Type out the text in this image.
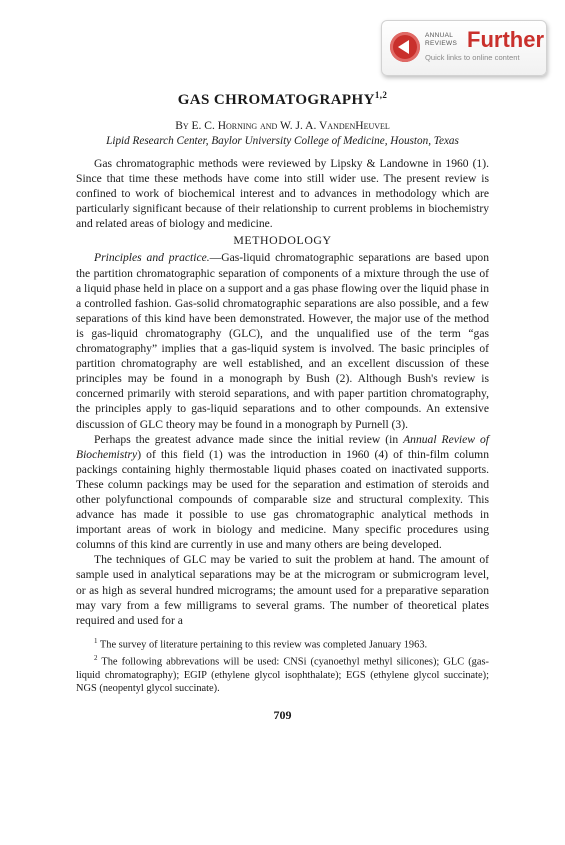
ANNUAL
REVIEWS Further
Quick links to online content
GAS CHROMATOGRAPHY$^{1,2}$

By E. C. Horning and W. J. A. VandenHeuvel

Lipid Research Center, Baylor University College of Medicine, Houston, Texas

Gas chromatographic methods were reviewed by Lipsky & Landowne in 1960 (1). Since that time these methods have come into still wider use. The present review is confined to work of biochemical interest and to advances in methodology which are particularly significant because of their relationship to current problems in biochemistry and related areas of biology and medicine.

METHODOLOGY

Principles and practice.—Gas-liquid chromatographic separations are based upon the partition chromatographic separation of components of a mixture through the use of a liquid phase held in place on a support and a gas phase flowing over the liquid phase in a controlled fashion. Gas-solid chromatographic separations are also possible, and a few separations of this kind have been demonstrated. However, the major use of the method is gas-liquid chromatography (GLC), and the unqualified use of the term “gas chromatography” implies that a gas-liquid system is involved. The basic principles of partition chromatography are well established, and an excellent discussion of these principles may be found in a monograph by Bush (2). Although Bush's review is concerned primarily with steroid separations, and with paper partition chromatography, the principles apply to gas-liquid separations and to other compounds. An extensive discussion of GLC theory may be found in a monograph by Purnell (3).

Perhaps the greatest advance made since the initial review (in Annual Review of Biochemistry) of this field (1) was the introduction in 1960 (4) of thin-film column packings containing highly thermostable liquid phases coated on inactivated supports. These column packings may be used for the separation and estimation of steroids and other polyfunctional compounds of comparable size and structural complexity. This advance has made it possible to use gas chromatographic analytical methods in important areas of work in biology and medicine. Many specific procedures using columns of this kind are currently in use and many others are being developed.

The techniques of GLC may be varied to suit the problem at hand. The amount of sample used in analytical separations may be at the microgram or submicrogram level, or as high as several hundred micrograms; the amount used for a preparative separation may vary from a few milligrams to several grams. The number of theoretical plates required and used for a

$^1$ The survey of literature pertaining to this review was completed January 1963.

$^2$ The following abbrevations will be used: CNSi (cyanoethyl methyl silicones); GLC (gas-liquid chromatography); EGIP (ethylene glycol isophthalate); EGS (ethylene glycol succinate); NGS (neopentyl glycol succinate).

709
